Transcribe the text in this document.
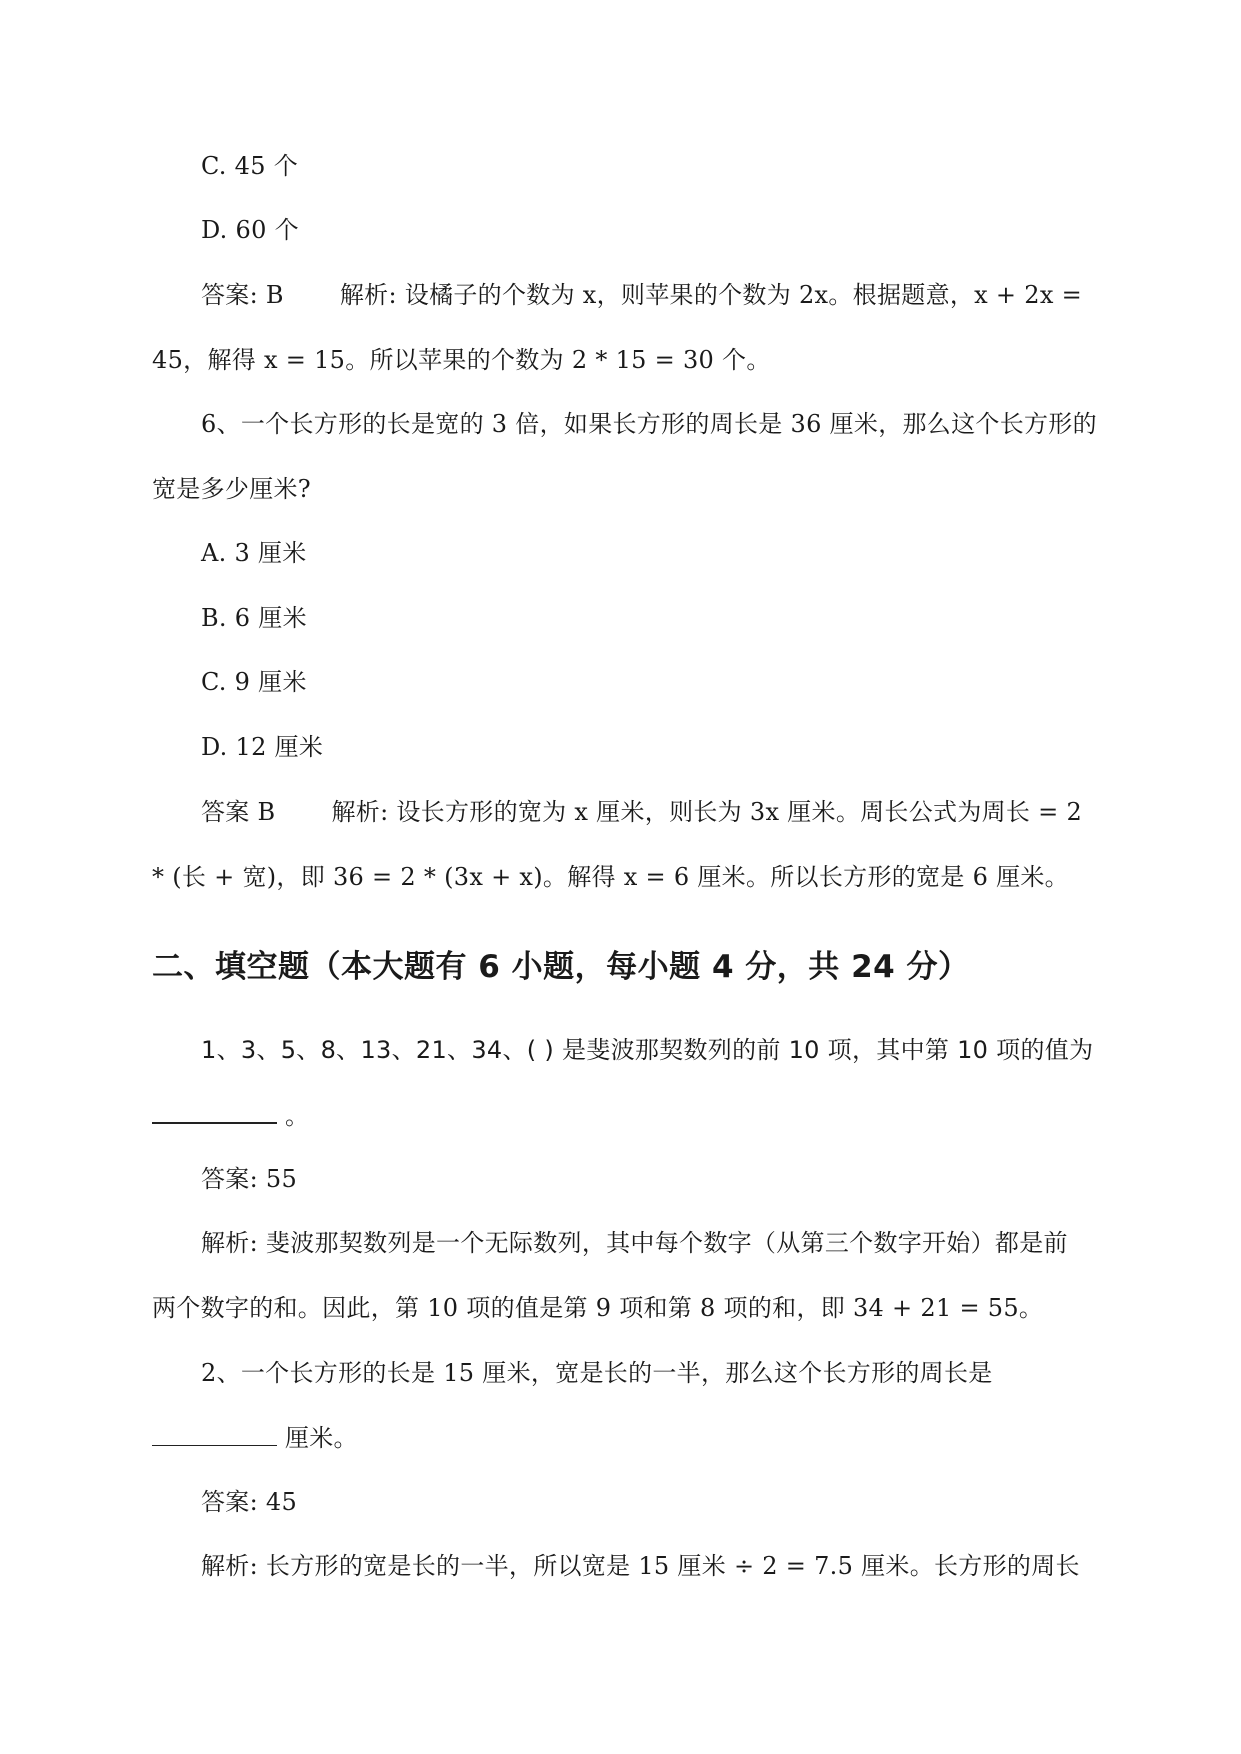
C. 45 个
D. 60 个
答案: B 解析: 设橘子的个数为 x，则苹果的个数为 2x。根据题意，x + 2x =
45，解得 x = 15。所以苹果的个数为 2 * 15 = 30 个。
6、一个长方形的长是宽的 3 倍，如果长方形的周长是 36 厘米，那么这个长方形的
宽是多少厘米?
A. 3 厘米
B. 6 厘米
C. 9 厘米
D. 12 厘米
答案 B 解析: 设长方形的宽为 x 厘米，则长为 3x 厘米。周长公式为周长 = 2
* (长 + 宽)，即 36 = 2 * (3x + x)。解得 x = 6 厘米。所以长方形的宽是 6 厘米。
二、填空题（本大题有 6 小题，每小题 4 分，共 24 分）
1、3、5、8、13、21、34、( ) 是斐波那契数列的前 10 项，其中第 10 项的值为
。
答案: 55
解析: 斐波那契数列是一个无际数列，其中每个数字（从第三个数字开始）都是前
两个数字的和。因此，第 10 项的值是第 9 项和第 8 项的和，即 34 + 21 = 55。
2、一个长方形的长是 15 厘米，宽是长的一半，那么这个长方形的周长是
厘米。
答案: 45
解析: 长方形的宽是长的一半，所以宽是 15 厘米 ÷ 2 = 7.5 厘米。长方形的周长
